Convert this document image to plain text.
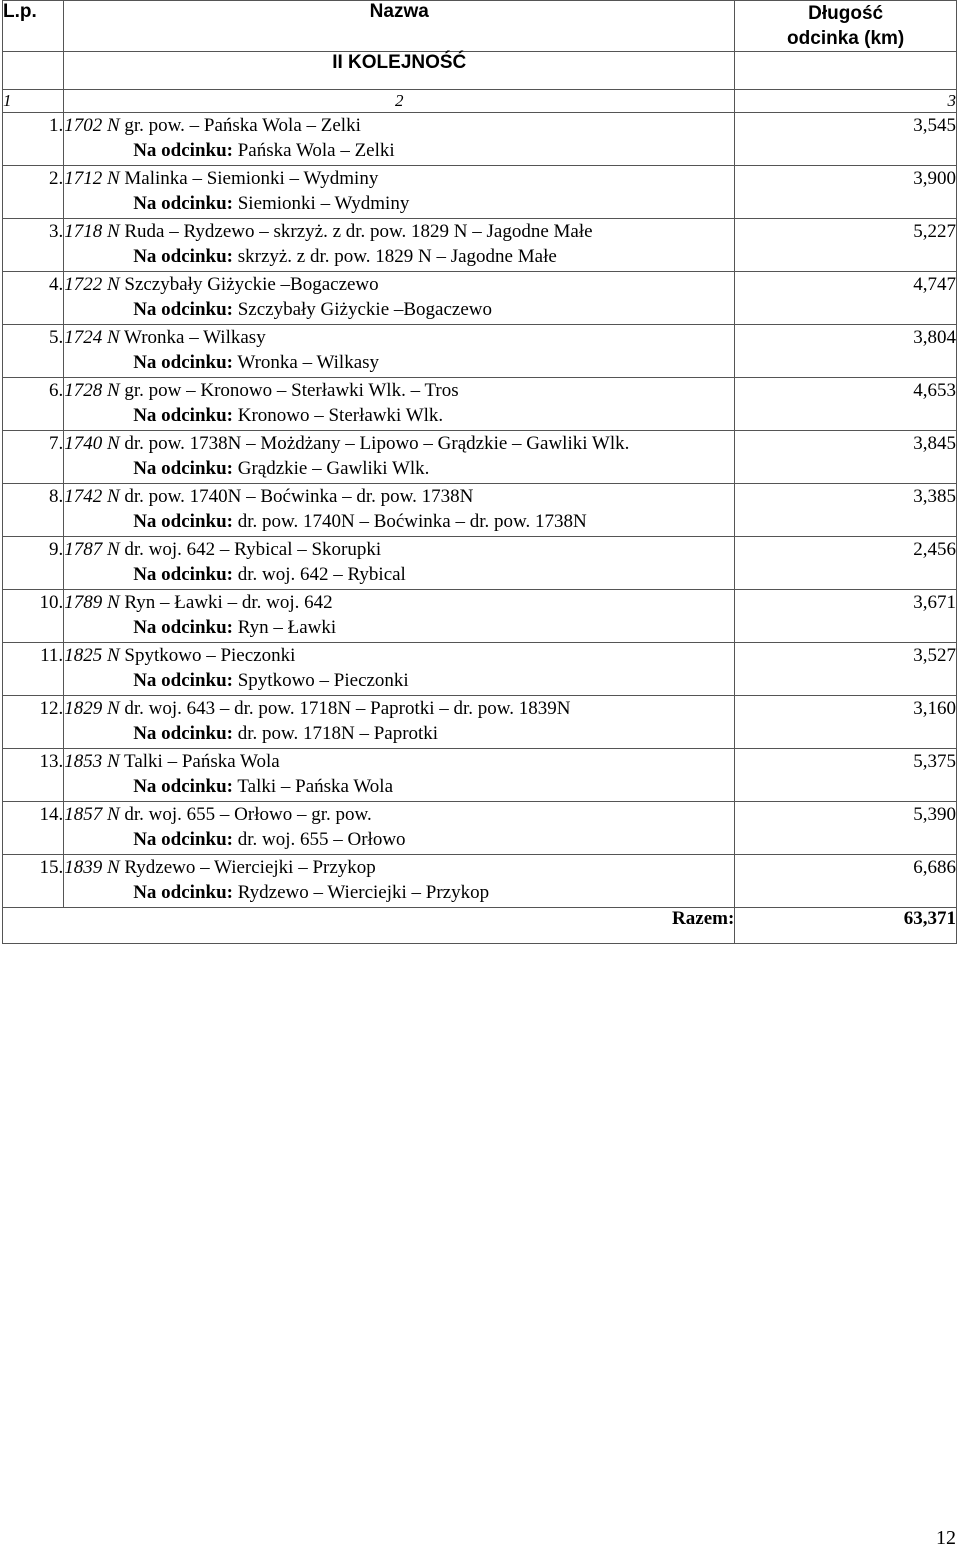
L.p.	Nazwa	Długość
odcinka (km)

	II KOLEJNOŚĆ	
1	2	3
1.	1702 N gr. pow. – Pańska Wola – Zelki
Na odcinku: Pańska Wola – Zelki	3,545
2.	1712 N Malinka – Siemionki – Wydminy
Na odcinku: Siemionki – Wydminy	3,900
3.	1718 N Ruda – Rydzewo – skrzyż. z dr. pow. 1829 N – Jagodne Małe
Na odcinku: skrzyż. z dr. pow. 1829 N – Jagodne Małe	5,227
4.	1722 N Szczybały Giżyckie –Bogaczewo
Na odcinku: Szczybały Giżyckie –Bogaczewo	4,747
5.	1724 N Wronka – Wilkasy
Na odcinku: Wronka – Wilkasy	3,804
6.	1728 N gr. pow – Kronowo – Sterławki Wlk. – Tros
Na odcinku: Kronowo – Sterławki Wlk.	4,653
7.	1740 N dr. pow. 1738N – Możdżany – Lipowo – Grądzkie – Gawliki Wlk.
Na odcinku: Grądzkie – Gawliki Wlk.	3,845
8.	1742 N dr. pow. 1740N – Boćwinka – dr. pow. 1738N
Na odcinku: dr. pow. 1740N – Boćwinka – dr. pow. 1738N	3,385
9.	1787 N dr. woj. 642 – Rybical – Skorupki
Na odcinku: dr. woj. 642 – Rybical	2,456
10.	1789 N Ryn – Ławki – dr. woj. 642
Na odcinku: Ryn – Ławki	3,671
11.	1825 N Spytkowo – Pieczonki
Na odcinku: Spytkowo – Pieczonki	3,527
12.	1829 N dr. woj. 643 – dr. pow. 1718N – Paprotki – dr. pow. 1839N
Na odcinku: dr. pow. 1718N – Paprotki	3,160
13.	1853 N Talki – Pańska Wola
Na odcinku: Talki – Pańska Wola	5,375
14.	1857 N dr. woj. 655 – Orłowo – gr. pow.
Na odcinku: dr. woj. 655 – Orłowo	5,390
15.	1839 N Rydzewo – Wierciejki – Przykop
Na odcinku: Rydzewo – Wierciejki – Przykop	6,686
Razem:		63,371
12
